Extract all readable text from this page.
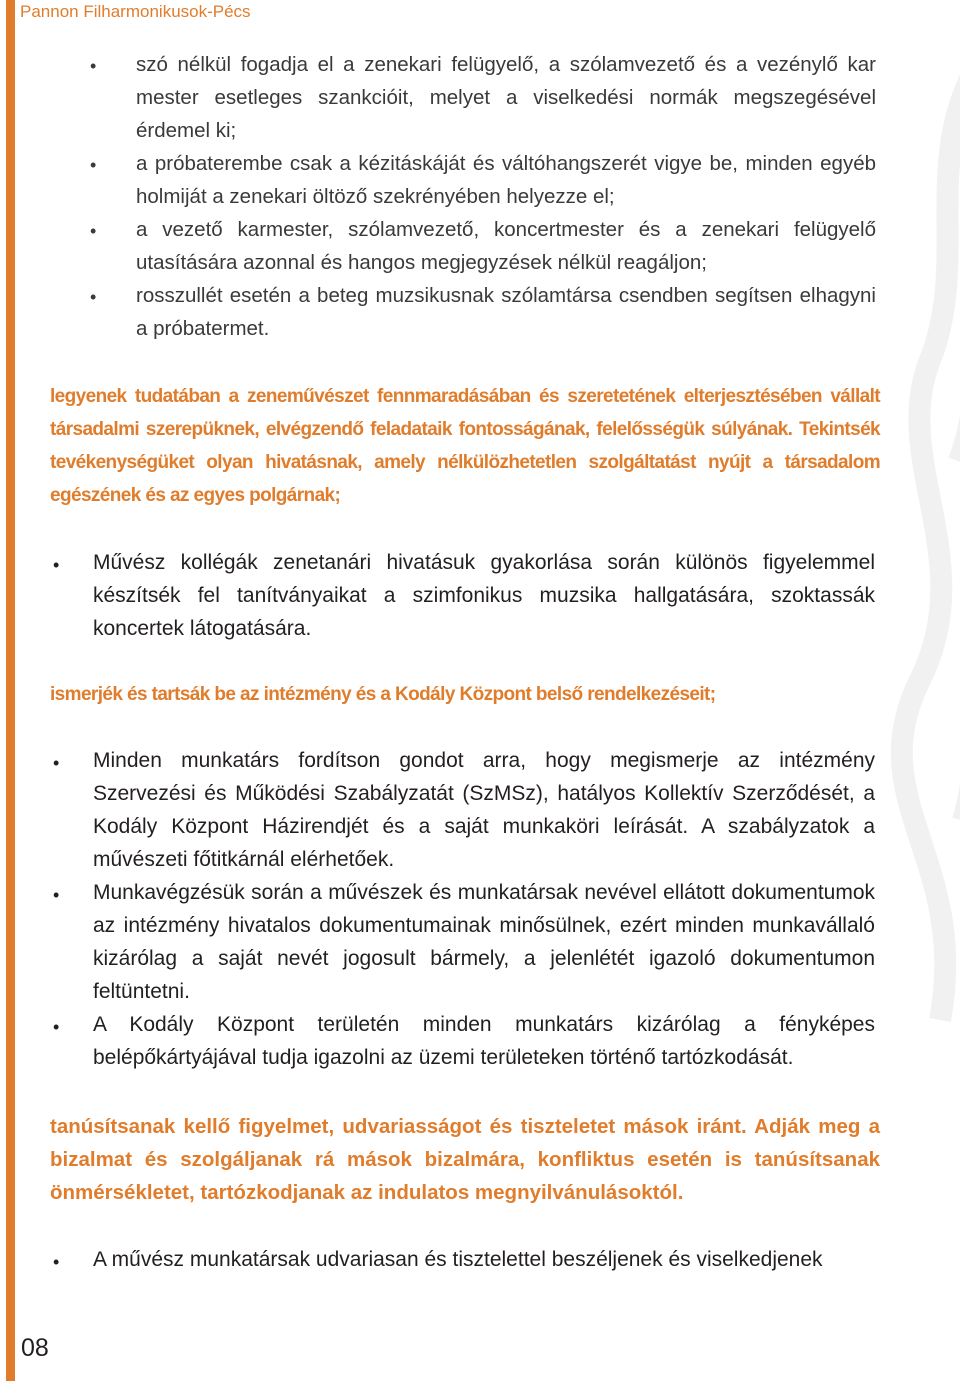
Pannon Filharmonikusok-Pécs
• szó nélkül fogadja el a zenekari felügyelő, a szólamvezető és a vezénylő kar mester esetleges szankcióit, melyet a viselkedési normák megszegésével érdemel ki;
• a próbaterembe csak a kézitáskáját és váltóhangszerét vigye be, minden egyéb holmiját a zenekari öltöző szekrényében helyezze el;
• a vezető karmester, szólamvezető, koncertmester és a zenekari felügyelő utasítására azonnal és hangos megjegyzések nélkül reagáljon;
• rosszullét esetén a beteg muzsikusnak szólamtársa csendben segítsen elhagyni a próbatermet.

legyenek tudatában a zeneművészet fennmaradásában és szeretetének elterjesztésében vállalt társadalmi szerepüknek, elvégzendő feladataik fontosságának, felelősségük súlyának. Tekintsék tevékenységüket olyan hivatásnak, amely nélkülözhetetlen szolgáltatást nyújt a társadalom egészének és az egyes polgárnak;

• Művész kollégák zenetanári hivatásuk gyakorlása során különös figyelemmel készítsék fel tanítványaikat a szimfonikus muzsika hallgatására, szoktassák koncertek látogatására.

ismerjék és tartsák be az intézmény és a Kodály Központ belső rendelkezéseit;

• Minden munkatárs fordítson gondot arra, hogy megismerje az intézmény Szervezési és Működési Szabályzatát (SzMSz), hatályos Kollektív Szerződését, a Kodály Központ Házirendjét és a saját munkaköri leírását. A szabályzatok a művészeti főtitkárnál elérhetőek.
• Munkavégzésük során a művészek és munkatársak nevével ellátott dokumentumok az intézmény hivatalos dokumentumainak minősülnek, ezért minden munkavállaló kizárólag a saját nevét jogosult bármely, a jelenlétét igazoló dokumentumon feltüntetni.
• A Kodály Központ területén minden munkatárs kizárólag a fényképes belépőkártyájával tudja igazolni az üzemi területeken történő tartózkodását.

tanúsítsanak kellő figyelmet, udvariasságot és tiszteletet mások iránt. Adják meg a bizalmat és szolgáljanak rá mások bizalmára, konfliktus esetén is tanúsítsanak önmérsékletet, tartózkodjanak az indulatos megnyilvánulásoktól.

• A művész munkatársak udvariasan és tisztelettel beszéljenek és viselkedjenek
08
